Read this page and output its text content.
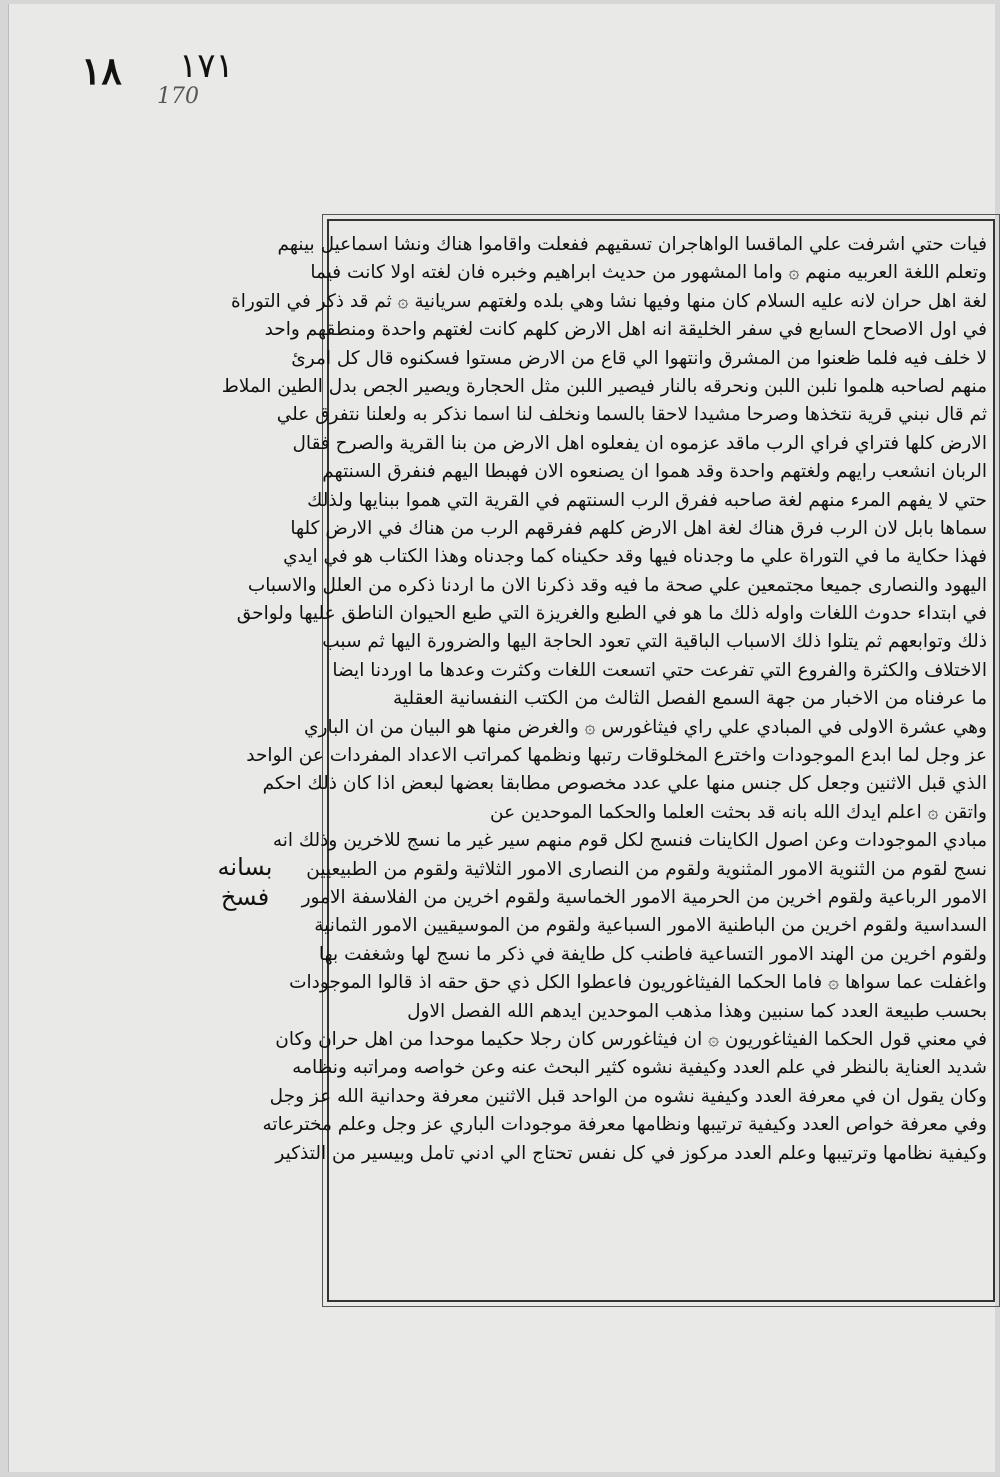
١٨ ١٧١
170
بسانه
فسخ
فيات حتي اشرفت علي الماقسا الواهاجران تسقيهم ففعلت واقاموا هناك ونشا اسماعيل بينهم
وتعلم اللغة العربيه منهم ۞ واما المشهور من حديث ابراهيم وخبره فان لغته اولا كانت فيما
لغة اهل حران لانه عليه السلام كان منها وفيها نشا وهي بلده ولغتهم سريانية ۞ ثم قد ذكر في التوراة
في اول الاصحاح السابع في سفر الخليقة انه اهل الارض كلهم كانت لغتهم واحدة ومنطقهم واحد
لا خلف فيه فلما ظعنوا من المشرق وانتهوا الي قاع من الارض مستوا فسكنوه قال كل امرئ
منهم لصاحبه هلموا نلبن اللبن ونحرقه بالنار فيصير اللبن مثل الحجارة ويصير الجص بدل الطين الملاط
ثم قال نبني قرية نتخذها وصرحا مشيدا لاحقا بالسما ونخلف لنا اسما نذكر به ولعلنا نتفرق علي
الارض كلها فتراي فراي الرب ماقد عزموه ان يفعلوه اهل الارض من بنا القرية والصرح فقال
الربان انشعب رايهم ولغتهم واحدة وقد هموا ان يصنعوه الان فهبطا اليهم فنفرق السنتهم
حتي لا يفهم المرء منهم لغة صاحبه ففرق الرب السنتهم في القرية التي هموا ببنايها ولذلك
سماها بابل لان الرب فرق هناك لغة اهل الارض كلهم ففرقهم الرب من هناك في الارض كلها
فهذا حكاية ما في التوراة علي ما وجدناه فيها وقد حكيناه كما وجدناه وهذا الكتاب هو في ايدي
اليهود والنصارى جميعا مجتمعين علي صحة ما فيه وقد ذكرنا الان ما اردنا ذكره من العلل والاسباب
في ابتداء حدوث اللغات واوله ذلك ما هو في الطبع والغريزة التي طبع الحيوان الناطق عليها ولواحق
ذلك وتوابعهم ثم يتلوا ذلك الاسباب الباقية التي تعود الحاجة اليها والضرورة اليها ثم سبب
الاختلاف والكثرة والفروع التي تفرعت حتي اتسعت اللغات وكثرت وعدها ما اوردنا ايضا
ما عرفناه من الاخبار من جهة السمع الفصل الثالث من الكتب النفسانية العقلية
وهي عشرة الاولى في المبادي علي راي فيثاغورس ۞ والغرض منها هو البيان من ان الباري
عز وجل لما ابدع الموجودات واخترع المخلوقات رتبها ونظمها كمراتب الاعداد المفردات عن الواحد
الذي قبل الاثنين وجعل كل جنس منها علي عدد مخصوص مطابقا بعضها لبعض اذا كان ذلك احكم
واتقن ۞ اعلم ايدك الله بانه قد بحثت العلما والحكما الموحدين عن
مبادي الموجودات وعن اصول الكاينات فنسج لكل قوم منهم سير غير ما نسج للاخرين وذلك انه
نسج لقوم من الثنوية الامور المثنوية ولقوم من النصارى الامور الثلاثية ولقوم من الطبيعيين
الامور الرباعية ولقوم اخرين من الحرمية الامور الخماسية ولقوم اخرين من الفلاسفة الامور
السداسية ولقوم اخرين من الباطنية الامور السباعية ولقوم من الموسيقيين الامور الثمانية
ولقوم اخرين من الهند الامور التساعية فاطنب كل طايفة في ذكر ما نسج لها وشغفت بها
واغفلت عما سواها ۞ فاما الحكما الفيثاغوريون فاعطوا الكل ذي حق حقه اذ قالوا الموجودات
بحسب طبيعة العدد كما سنبين وهذا مذهب الموحدين ايدهم الله الفصل الاول
في معني قول الحكما الفيثاغوريون ۞ ان فيثاغورس كان رجلا حكيما موحدا من اهل حران وكان
شديد العناية بالنظر في علم العدد وكيفية نشوه كثير البحث عنه وعن خواصه ومراتبه ونظامه
وكان يقول ان في معرفة العدد وكيفية نشوه من الواحد قبل الاثنين معرفة وحدانية الله عز وجل
وفي معرفة خواص العدد وكيفية ترتيبها ونظامها معرفة موجودات الباري عز وجل وعلم مخترعاته
وكيفية نظامها وترتيبها وعلم العدد مركوز في كل نفس تحتاج الي ادني تامل وبيسير من التذكير
